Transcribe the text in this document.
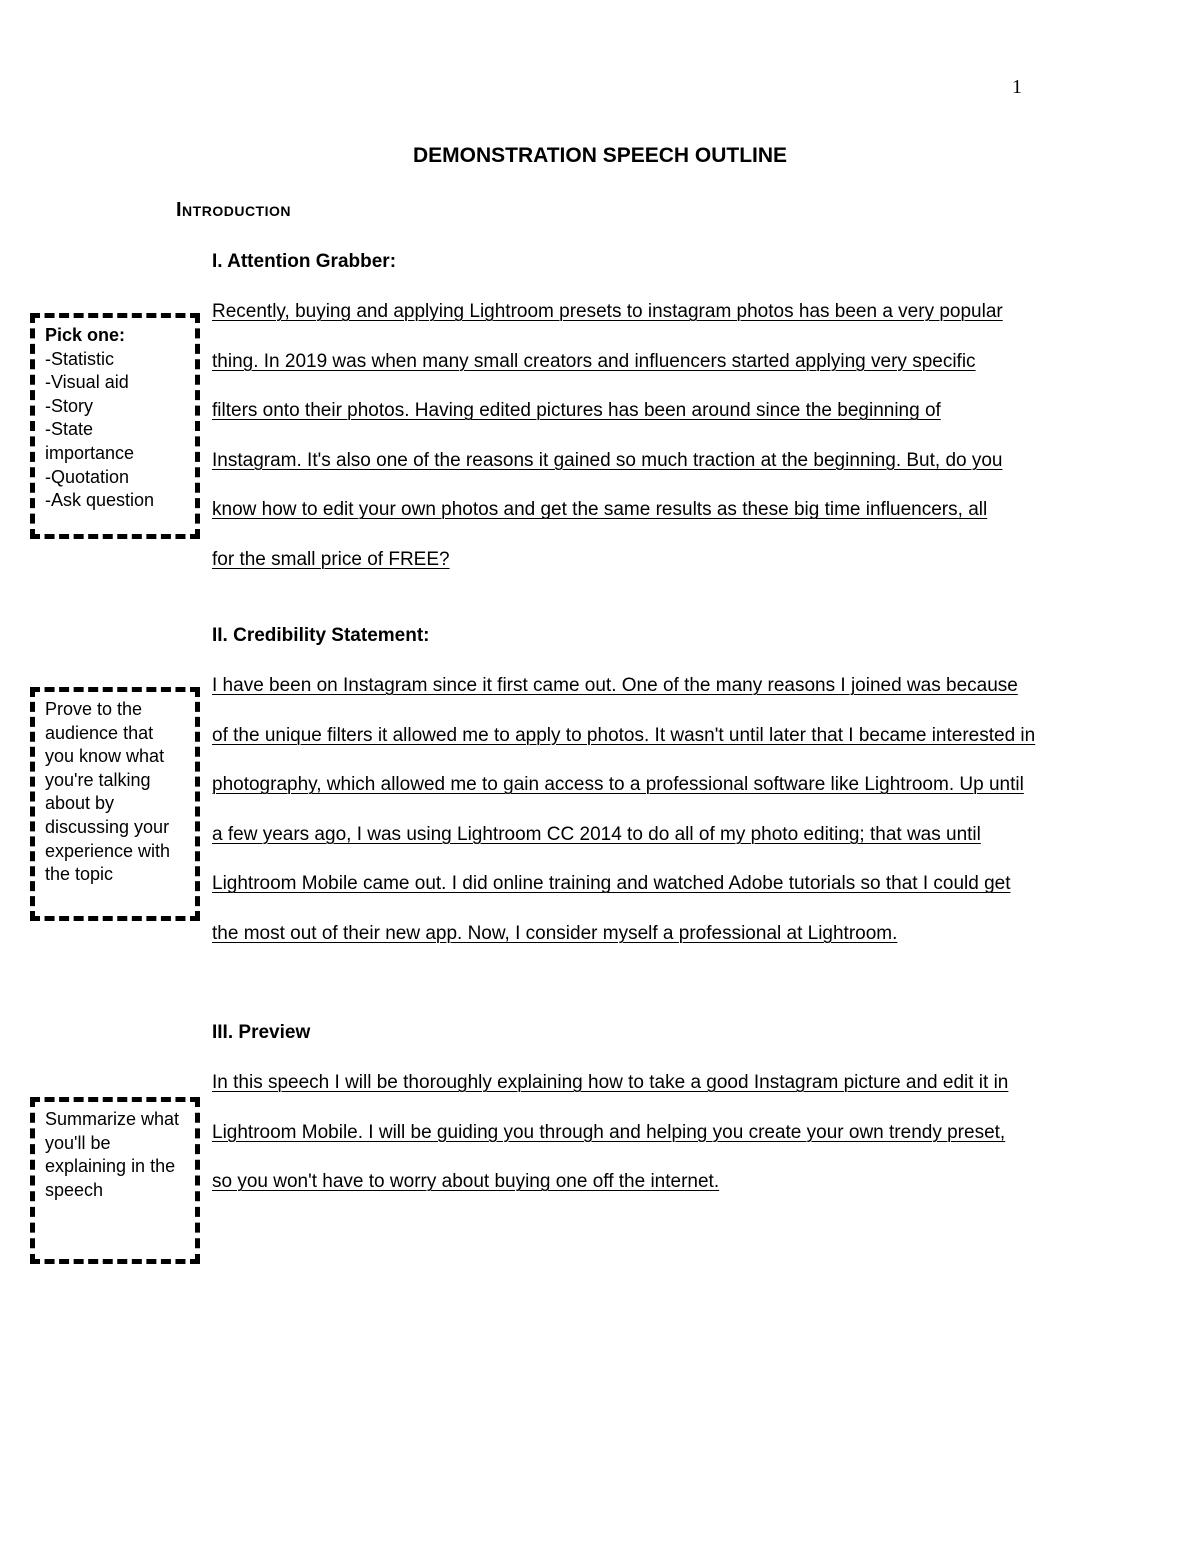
1
DEMONSTRATION SPEECH OUTLINE
Introduction
I. Attention Grabber:
Pick one:
-Statistic
-Visual aid
-Story
-State importance
-Quotation
-Ask question

Recently, buying and applying Lightroom presets to instagram photos has been a very popular thing. In 2019 was when many small creators and influencers started applying very specific filters onto their photos. Having edited pictures has been around since the beginning of Instagram. It's also one of the reasons it gained so much traction at the beginning. But, do you know how to edit your own photos and get the same results as these big time influencers, all for the small price of FREE?

II. Credibility Statement:
Prove to the audience that you know what you're talking about by discussing your experience with the topic

I have been on Instagram since it first came out. One of the many reasons I joined was because of the unique filters it allowed me to apply to photos. It wasn't until later that I became interested in photography, which allowed me to gain access to a professional software like Lightroom. Up until a few years ago, I was using Lightroom CC 2014 to do all of my photo editing; that was until Lightroom Mobile came out. I did online training and watched Adobe tutorials so that I could get the most out of their new app. Now, I consider myself a professional at Lightroom.

III. Preview
Summarize what you'll be explaining in the speech

In this speech I will be thoroughly explaining how to take a good Instagram picture and edit it in Lightroom Mobile. I will be guiding you through and helping you create your own trendy preset, so you won't have to worry about buying one off the internet.
